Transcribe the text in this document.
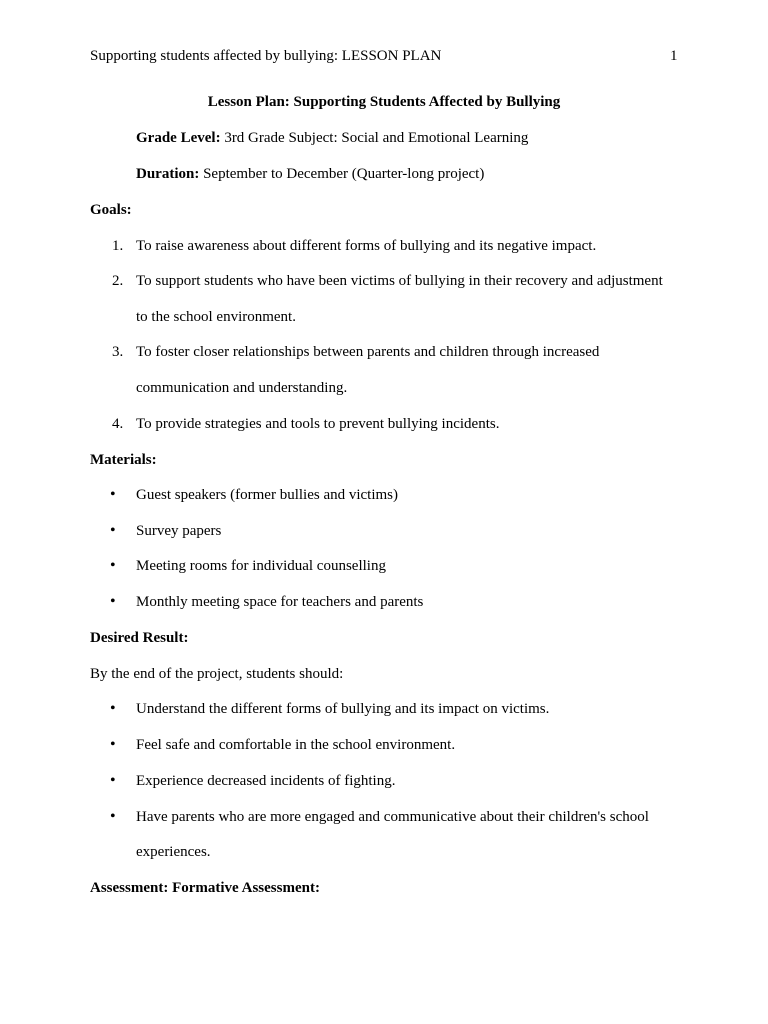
Supporting students affected by bullying: LESSON PLAN	1
Lesson Plan: Supporting Students Affected by Bullying
Grade Level: 3rd Grade Subject: Social and Emotional Learning
Duration: September to December (Quarter-long project)
Goals:
1. To raise awareness about different forms of bullying and its negative impact.
2. To support students who have been victims of bullying in their recovery and adjustment
to the school environment.
3. To foster closer relationships between parents and children through increased
communication and understanding.
4. To provide strategies and tools to prevent bullying incidents.
Materials:
• Guest speakers (former bullies and victims)
• Survey papers
• Meeting rooms for individual counselling
• Monthly meeting space for teachers and parents
Desired Result:
By the end of the project, students should:
• Understand the different forms of bullying and its impact on victims.
• Feel safe and comfortable in the school environment.
• Experience decreased incidents of fighting.
• Have parents who are more engaged and communicative about their children's school
experiences.
Assessment: Formative Assessment:
